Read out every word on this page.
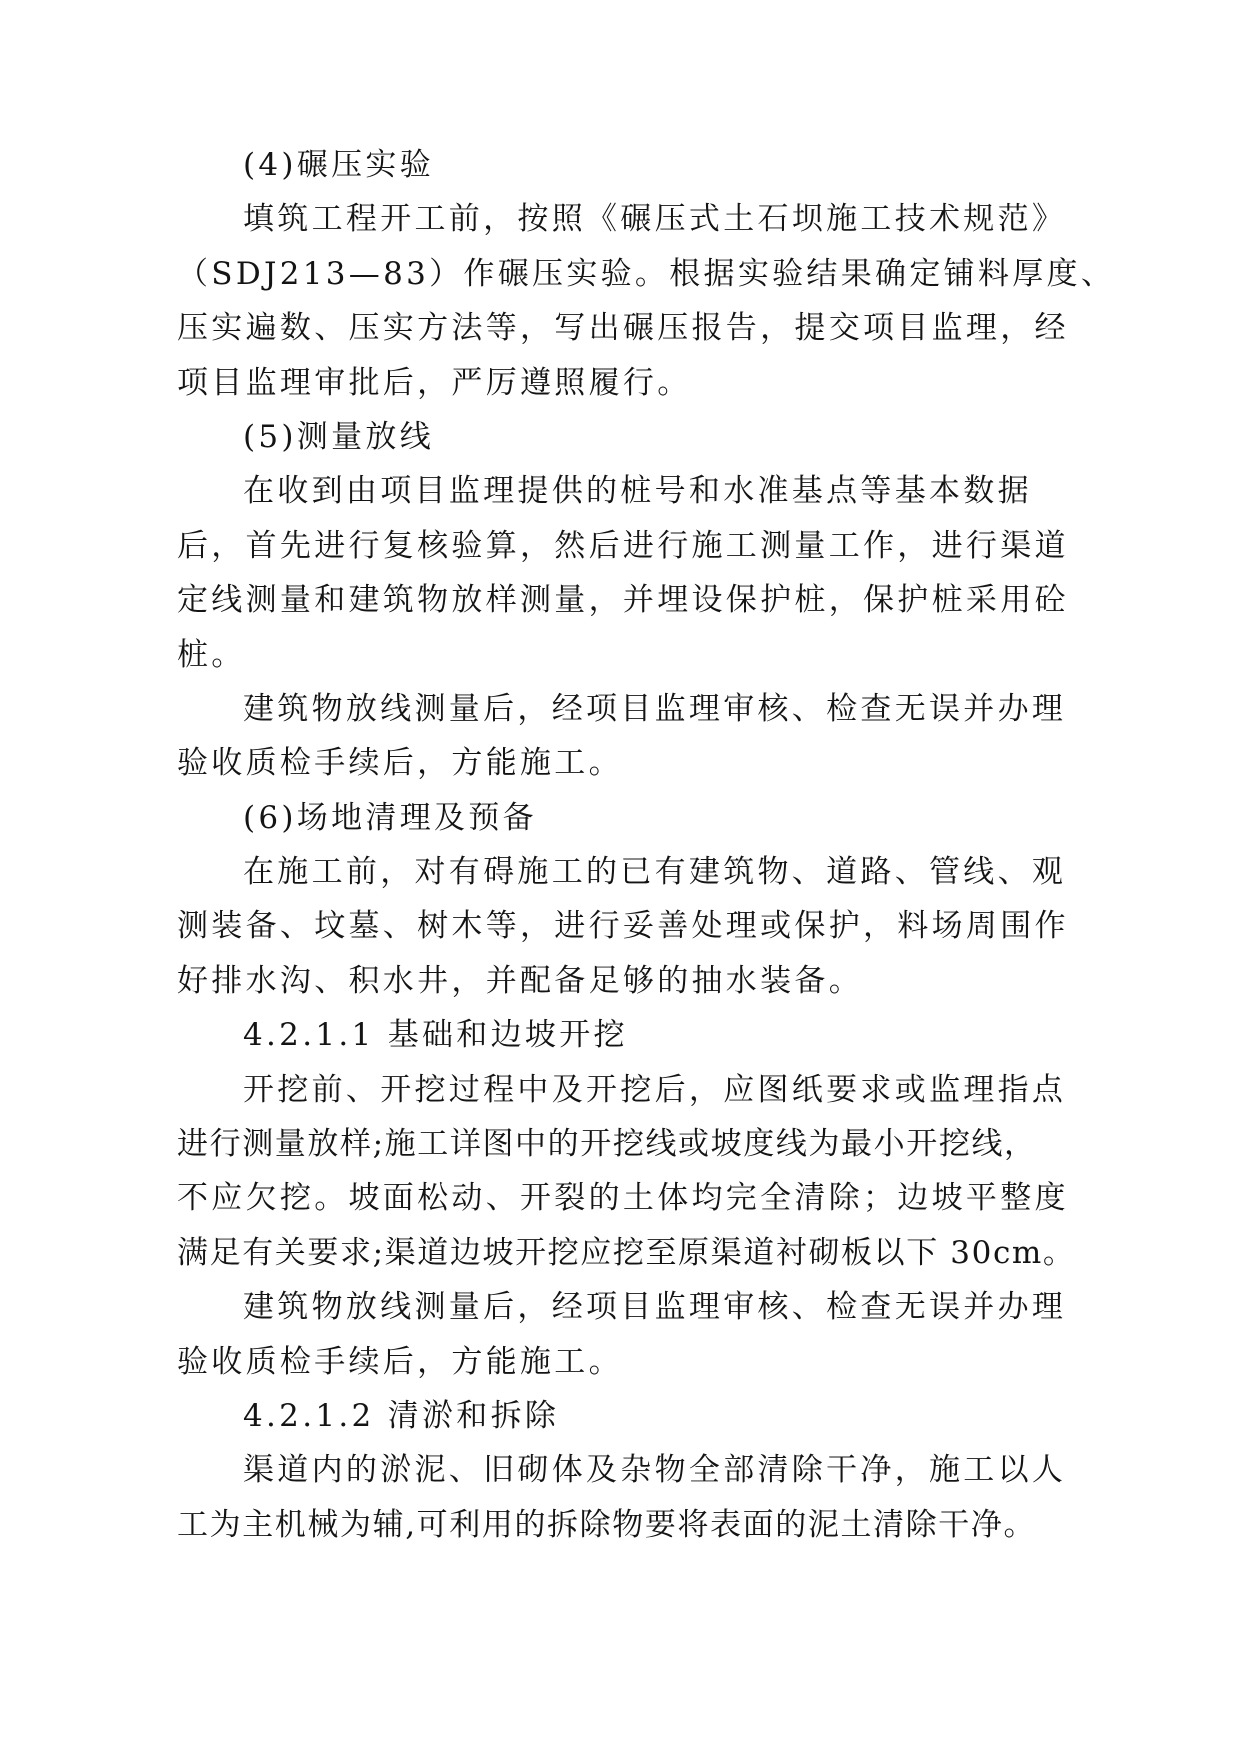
(4)碾压实验
填筑工程开工前，按照《碾压式土石坝施工技术规范》
（SDJ213—83）作碾压实验。根据实验结果确定铺料厚度、
压实遍数、压实方法等，写出碾压报告，提交项目监理，经
项目监理审批后，严厉遵照履行。
(5)测量放线
在收到由项目监理提供的桩号和水准基点等基本数据
后，首先进行复核验算，然后进行施工测量工作，进行渠道
定线测量和建筑物放样测量，并埋设保护桩，保护桩采用砼
桩。
建筑物放线测量后，经项目监理审核、检查无误并办理
验收质检手续后，方能施工。
(6)场地清理及预备
在施工前，对有碍施工的已有建筑物、道路、管线、观
测装备、坟墓、树木等，进行妥善处理或保护，料场周围作
好排水沟、积水井，并配备足够的抽水装备。
4.2.1.1 基础和边坡开挖
开挖前、开挖过程中及开挖后，应图纸要求或监理指点
进行测量放样;施工详图中的开挖线或坡度线为最小开挖线，
不应欠挖。坡面松动、开裂的土体均完全清除；边坡平整度
满足有关要求;渠道边坡开挖应挖至原渠道衬砌板以下 30cm。
建筑物放线测量后，经项目监理审核、检查无误并办理
验收质检手续后，方能施工。
4.2.1.2 清淤和拆除
渠道内的淤泥、旧砌体及杂物全部清除干净，施工以人
工为主机械为辅,可利用的拆除物要将表面的泥土清除干净。
